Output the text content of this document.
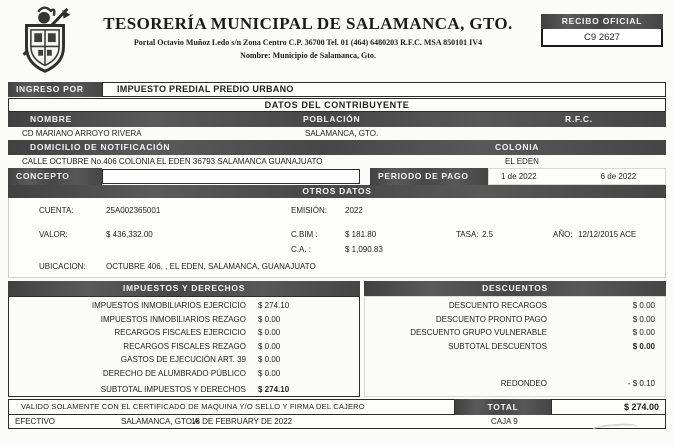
TESORERÍA MUNICIPAL DE SALAMANCA, GTO.
Portal Octavio Muñoz Ledo s/n Zona Centro C.P. 36700 Tel. 01 (464) 6480203 R.F.C. MSA 850101 IV4
Nombre: Municipio de Salamanca, Gto.
RECIBO OFICIAL
C9 2627
INGRESO POR	IMPUESTO PREDIAL PREDIO URBANO
DATOS DEL CONTRIBUYENTE
NOMBRE	POBLACIÓN	R.F.C.
CD MARIANO ARROYO RIVERA	SALAMANCA, GTO.
DOMICILIO DE NOTIFICACIÓN	COLONIA
CALLE OCTUBRE No.406 COLONIA EL EDEN 36793 SALAMANCA GUANAJUATO	EL EDEN
CONCEPTO	PERIODO DE PAGO	1 de 2022	6 de 2022
OTROS DATOS
CUENTA:	25A002365001	EMISIÓN: 2022
VALOR:	$ 436,332.00	C.BIM :	$ 181.80	TASA: 2.5	AÑO: 12/12/2015 ACE
C.A. :	$ 1,090.83
UBICACION:	OCTUBRE 406, , EL EDEN, SALAMANCA, GUANAJUATO
IMPUESTOS Y DERECHOS	DESCUENTOS
IMPUESTOS INMOBILIARIOS EJERCICIO $ 274.10
IMPUESTOS INMOBILIARIOS REZAGO $ 0.00
RECARGOS FISCALES EJERCICIO $ 0.00
RECARGOS FISCALES REZAGO $ 0.00
GASTOS DE EJECUCIÓN ART. 39 $ 0.00
DERECHO DE ALUMBRADO PÚBLICO $ 0.00
SUBTOTAL IMPUESTOS Y DERECHOS $ 274.10
DESCUENTO RECARGOS	$ 0.00
DESCUENTO PRONTO PAGO	$ 0.00
DESCUENTO GRUPO VULNERABLE	$ 0.00
SUBTOTAL DESCUENTOS	$ 0.00
REDONDEO	- $ 0.10
VALIDO SOLAMENTE CON EL CERTIFICADO DE MAQUINA Y/O SELLO Y FIRMA DEL CAJERO	TOTAL	$ 274.00
EFECTIVO	SALAMANCA, GTO A
18 DE FEBRUARY DE 2022	CAJA 9
